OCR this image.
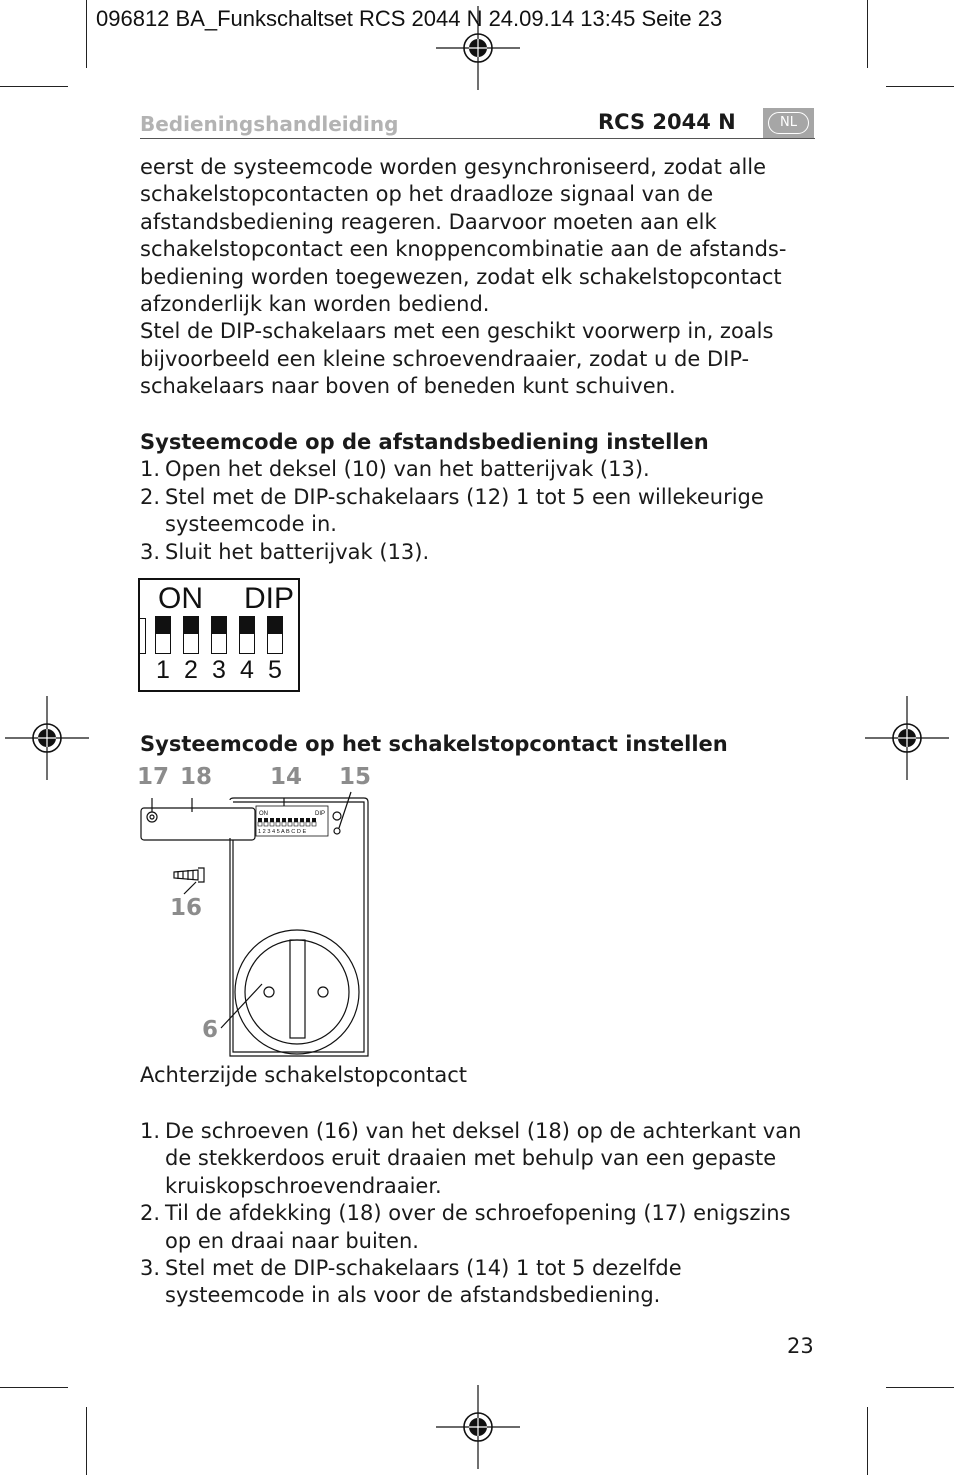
096812 BA_Funkschaltset RCS 2044 N 24.09.14 13:45 Seite 23
Bedieningshandleiding	RCS 2044 N	NL

eerst de systeemcode worden gesynchroniseerd, zodat alle schakelstopcontacten op het draadloze signaal van de afstandsbediening reageren. Daarvoor moeten aan elk schakelstopcontact een knoppencombinatie aan de afstands-bediening worden toegewezen, zodat elk schakelstopcontact afzonderlijk kan worden bediend.

Stel de DIP-schakelaars met een geschikt voorwerp in, zoals bijvoorbeeld een kleine schroevendraaier, zodat u de DIP-schakelaars naar boven of beneden kunt schuiven.

Systeemcode op de afstandsbediening instellen

1. Open het deksel (10) van het batterijvak (13).
2. Stel met de DIP-schakelaars (12) 1 tot 5 een willekeurige systeemcode in.
3. Sluit het batterijvak (13).
ON DIP
1 2 3 4 5

Systeemcode op het schakelstopcontact instellen

17 18	14 15
16
6
ON	DIP
1 2 3 4 5 A B C D E
Achterzijde schakelstopcontact
1. De schroeven (16) van het deksel (18) op de achterkant van de stekkerdoos eruit draaien met behulp van een gepaste kruiskopschroevendraaier.
2. Til de afdekking (18) over de schroefopening (17) enigszins op en draai naar buiten.
3. Stel met de DIP-schakelaars (14) 1 tot 5 dezelfde systeemcode in als voor de afstandsbediening.
23
